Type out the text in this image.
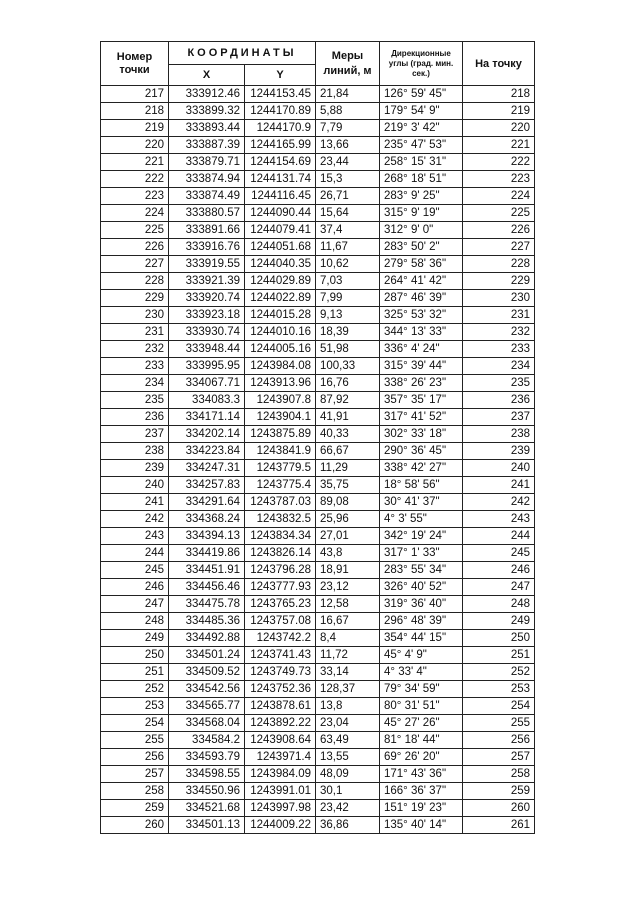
Номер точки	КООРДИНАТЫ		Меры линий, м	Дирекционные углы (град. мин. сек.)	На точку
	X	Y			
217	333912.46	1244153.45	21,84	126° 59' 45"	218
218	333899.32	1244170.89	5,88	179° 54' 9"	219
219	333893.44	1244170.9	7,79	219° 3' 42"	220
220	333887.39	1244165.99	13,66	235° 47' 53"	221
221	333879.71	1244154.69	23,44	258° 15' 31"	222
222	333874.94	1244131.74	15,3	268° 18' 51"	223
223	333874.49	1244116.45	26,71	283° 9' 25"	224
224	333880.57	1244090.44	15,64	315° 9' 19"	225
225	333891.66	1244079.41	37,4	312° 9' 0"	226
226	333916.76	1244051.68	11,67	283° 50' 2"	227
227	333919.55	1244040.35	10,62	279° 58' 36"	228
228	333921.39	1244029.89	7,03	264° 41' 42"	229
229	333920.74	1244022.89	7,99	287° 46' 39"	230
230	333923.18	1244015.28	9,13	325° 53' 32"	231
231	333930.74	1244010.16	18,39	344° 13' 33"	232
232	333948.44	1244005.16	51,98	336° 4' 24"	233
233	333995.95	1243984.08	100,33	315° 39' 44"	234
234	334067.71	1243913.96	16,76	338° 26' 23"	235
235	334083.3	1243907.8	87,92	357° 35' 17"	236
236	334171.14	1243904.1	41,91	317° 41' 52"	237
237	334202.14	1243875.89	40,33	302° 33' 18"	238
238	334223.84	1243841.9	66,67	290° 36' 45"	239
239	334247.31	1243779.5	11,29	338° 42' 27"	240
240	334257.83	1243775.4	35,75	18° 58' 56"	241
241	334291.64	1243787.03	89,08	30° 41' 37"	242
242	334368.24	1243832.5	25,96	4° 3' 55"	243
243	334394.13	1243834.34	27,01	342° 19' 24"	244
244	334419.86	1243826.14	43,8	317° 1' 33"	245
245	334451.91	1243796.28	18,91	283° 55' 34"	246
246	334456.46	1243777.93	23,12	326° 40' 52"	247
247	334475.78	1243765.23	12,58	319° 36' 40"	248
248	334485.36	1243757.08	16,67	296° 48' 39"	249
249	334492.88	1243742.2	8,4	354° 44' 15"	250
250	334501.24	1243741.43	11,72	45° 4' 9"	251
251	334509.52	1243749.73	33,14	4° 33' 4"	252
252	334542.56	1243752.36	128,37	79° 34' 59"	253
253	334565.77	1243878.61	13,8	80° 31' 51"	254
254	334568.04	1243892.22	23,04	45° 27' 26"	255
255	334584.2	1243908.64	63,49	81° 18' 44"	256
256	334593.79	1243971.4	13,55	69° 26' 20"	257
257	334598.55	1243984.09	48,09	171° 43' 36"	258
258	334550.96	1243991.01	30,1	166° 36' 37"	259
259	334521.68	1243997.98	23,42	151° 19' 23"	260
260	334501.13	1244009.22	36,86	135° 40' 14"	261
